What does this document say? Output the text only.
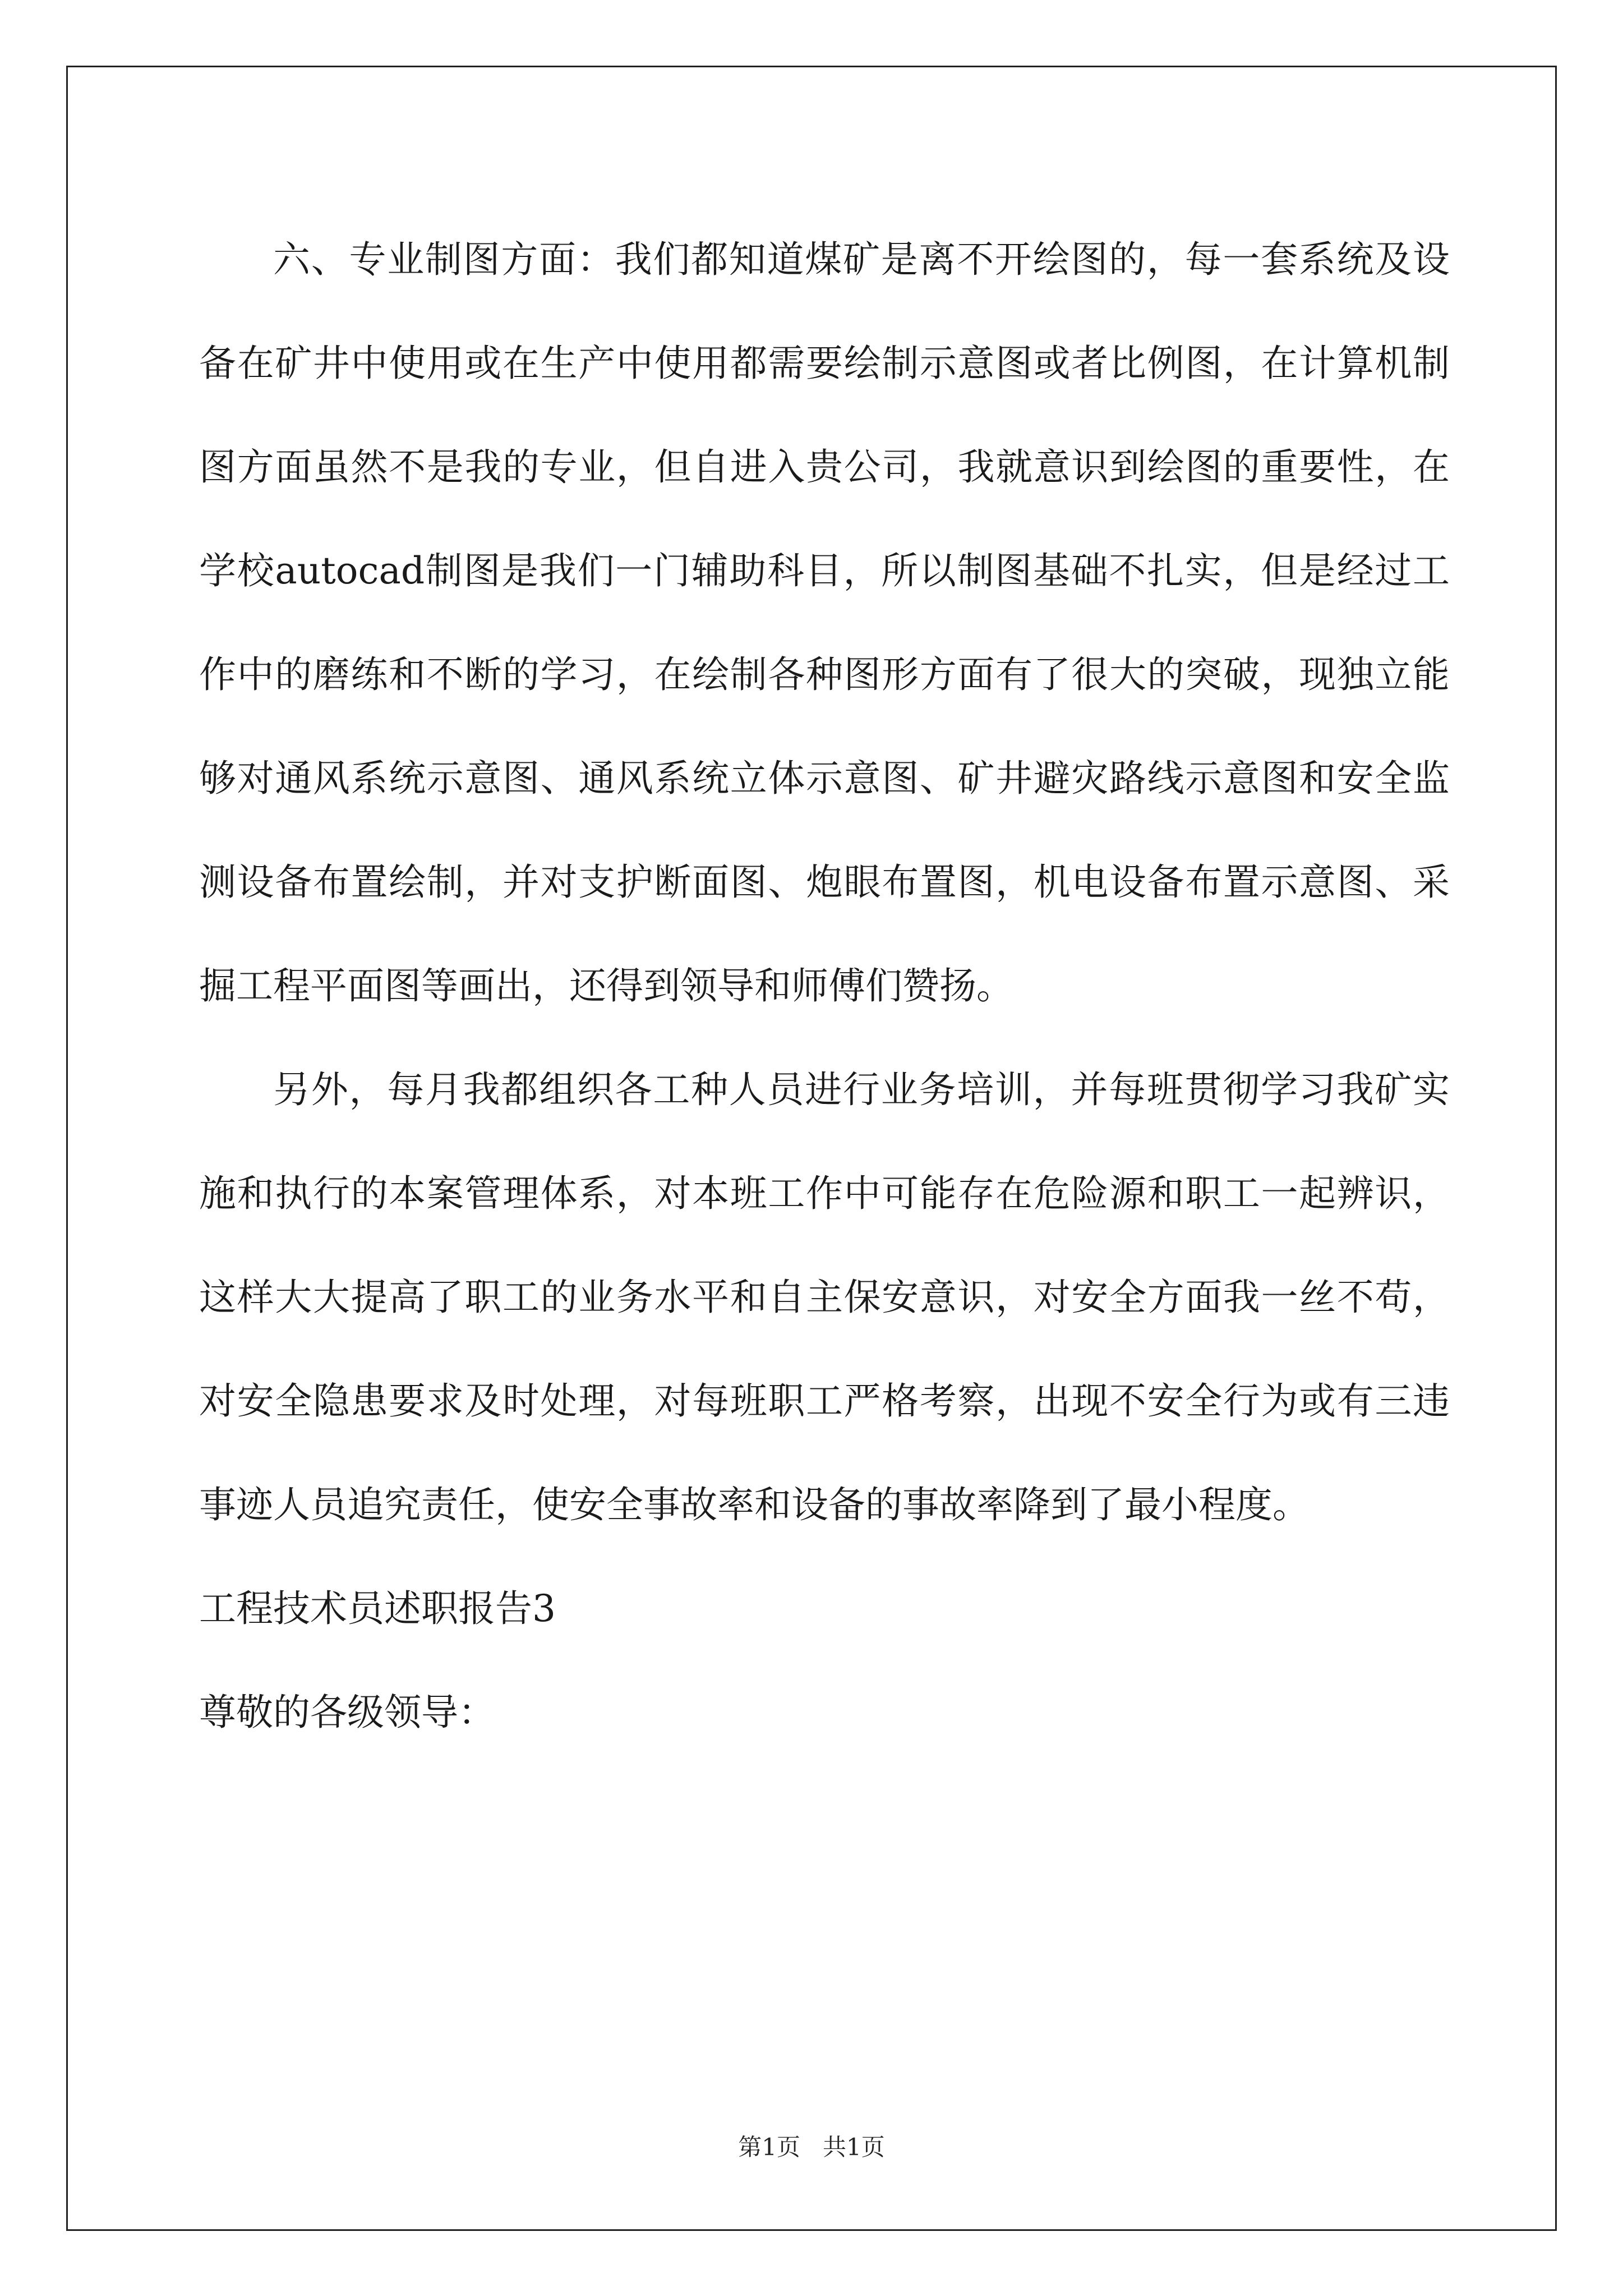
六、专业制图方面：我们都知道煤矿是离不开绘图的，每一套系统及设备在矿井中使用或在生产中使用都需要绘制示意图或者比例图，在计算机制图方面虽然不是我的专业，但自进入贵公司，我就意识到绘图的重要性，在学校autocad制图是我们一门辅助科目，所以制图基础不扎实，但是经过工作中的磨练和不断的学习，在绘制各种图形方面有了很大的突破，现独立能够对通风系统示意图、通风系统立体示意图、矿井避灾路线示意图和安全监测设备布置绘制，并对支护断面图、炮眼布置图，机电设备布置示意图、采掘工程平面图等画出，还得到领导和师傅们赞扬。

另外，每月我都组织各工种人员进行业务培训，并每班贯彻学习我矿实施和执行的本案管理体系，对本班工作中可能存在危险源和职工一起辨识，这样大大提高了职工的业务水平和自主保安意识，对安全方面我一丝不苟，对安全隐患要求及时处理，对每班职工严格考察，出现不安全行为或有三违事迹人员追究责任，使安全事故率和设备的事故率降到了最小程度。

工程技术员述职报告3

尊敬的各级领导：

第1页 共1页
